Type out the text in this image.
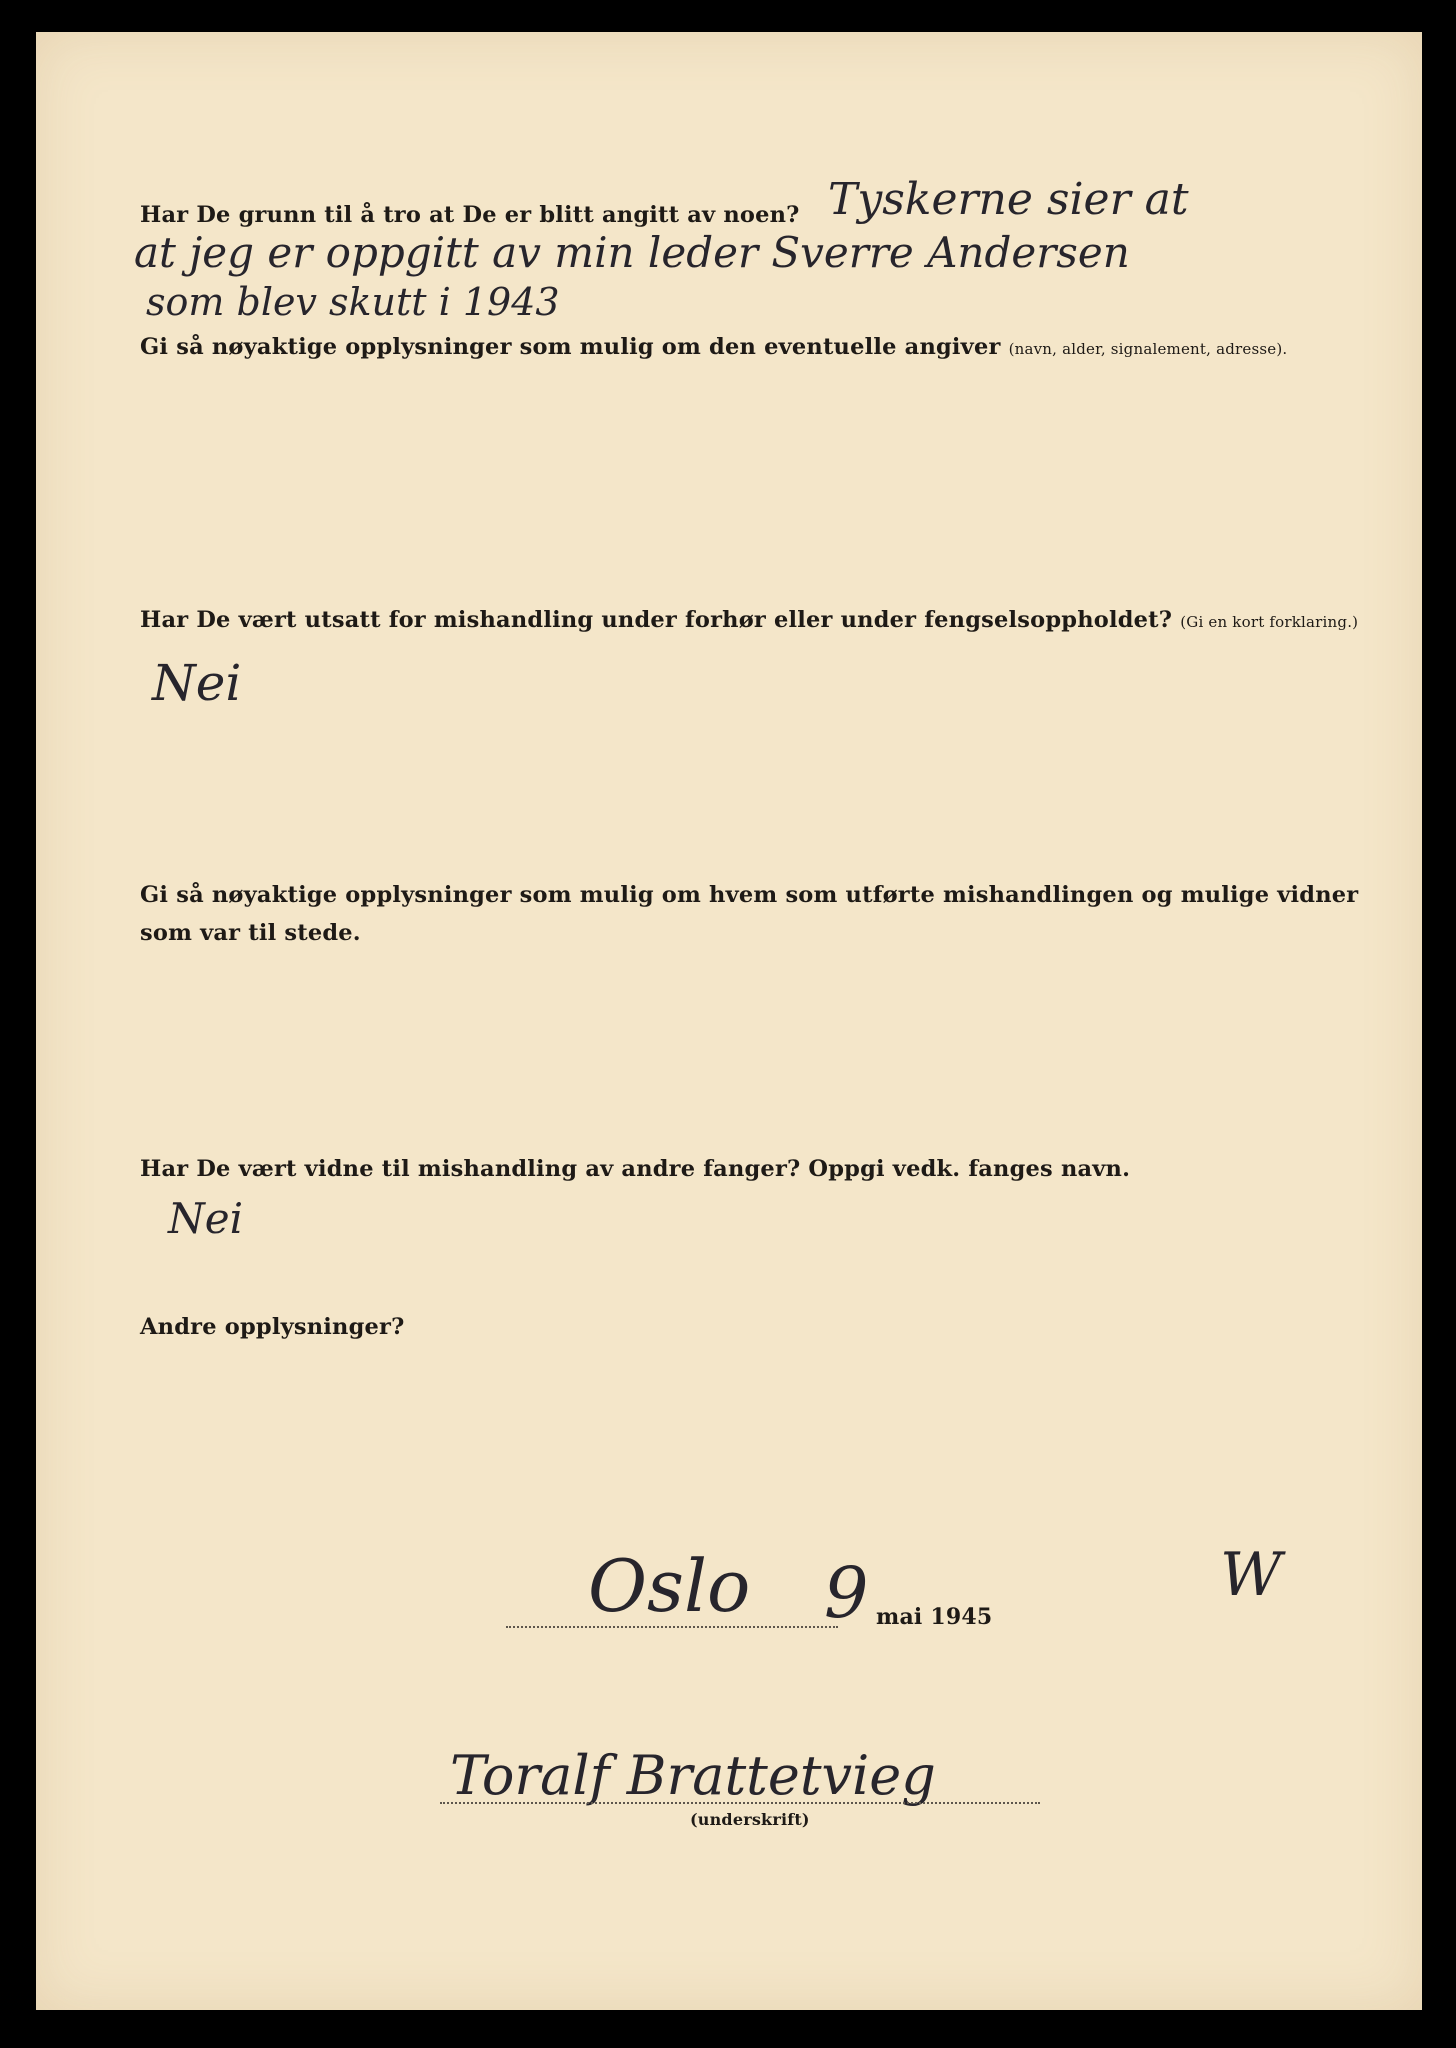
Har De grunn til å tro at De er blitt angitt av noen? Tyskerne sier at
at jeg er oppgitt av min leder Sverre Andersen
som blev skutt i 1943
Gi så nøyaktige opplysninger som mulig om den eventuelle angiver (navn, alder, signalement, adresse).
Har De vært utsatt for mishandling under forhør eller under fengselsoppholdet? (Gi en kort forklaring.)
Nei
Gi så nøyaktige opplysninger som mulig om hvem som utførte mishandlingen og mulige vidner
som var til stede.
Har De vært vidne til mishandling av andre fanger? Oppgi vedk. fanges navn.
Nei
Andre opplysninger?
Oslo 9 mai 1945
W
Toralf Brattetvieg
(underskrift)
